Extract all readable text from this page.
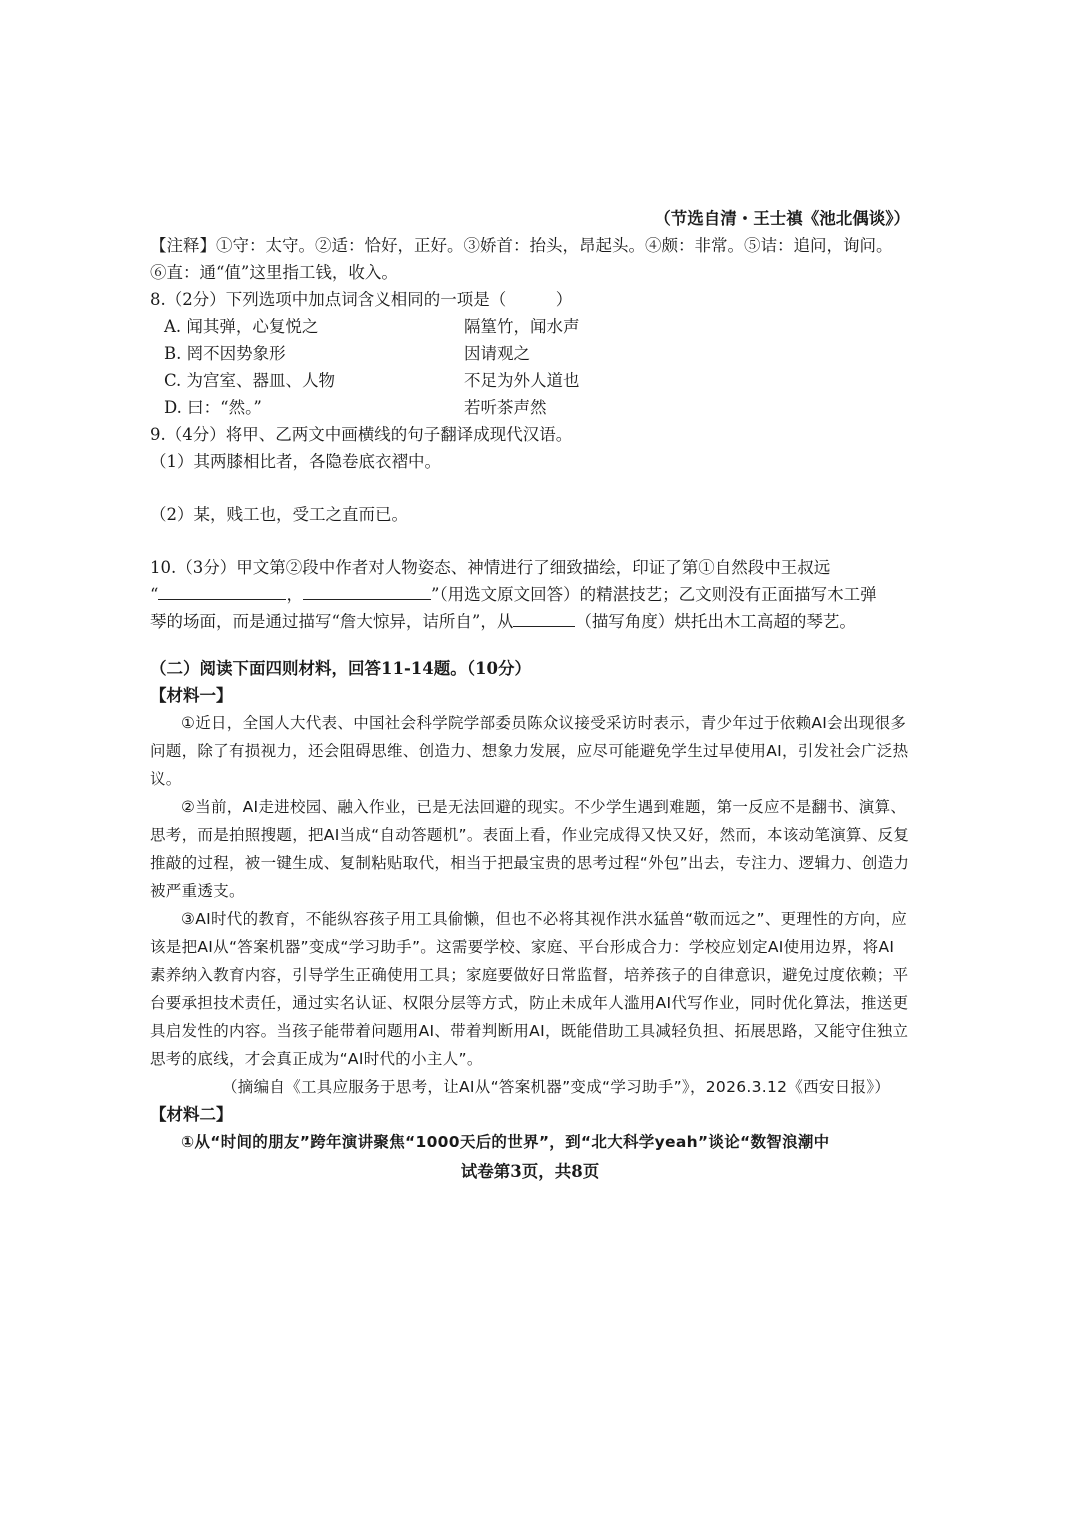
（节选自清・王士禛《池北偶谈》）
【注释】①守：太守。②适：恰好，正好。③娇首：抬头，昂起头。④颇：非常。⑤诘：追问，询问。
⑥直：通“值”这里指工钱，收入。
8.（2分）下列选项中加点词含义相同的一项是（　　　）
A. 闻其弹，心复悦之	隔篁竹，闻水声
B. 罔不因势象形	因请观之
C. 为宫室、器皿、人物	不足为外人道也
D. 曰：“然。”	若听茶声然
9.（4分）将甲、乙两文中画横线的句子翻译成现代汉语。
（1）其两膝相比者，各隐卷底衣褶中。
（2）某，贱工也，受工之直而已。
10.（3分）甲文第②段中作者对人物姿态、神情进行了细致描绘，印证了第①自然段中王叔远
“	，	”（用选文原文回答）的精湛技艺；乙文则没有正面描写木工弹
琴的场面，而是通过描写“詹大惊异，诘所自”，从	（描写角度）烘托出木工高超的琴艺。
（二）阅读下面四则材料，回答11-14题。（10分）
【材料一】

①近日，全国人大代表、中国社会科学院学部委员陈众议接受采访时表示，青少年过于依赖AI会出现很多问题，除了有损视力，还会阻碍思维、创造力、想象力发展，应尽可能避免学生过早使用AI，引发社会广泛热议。

②当前，AI走进校园、融入作业，已是无法回避的现实。不少学生遇到难题，第一反应不是翻书、演算、思考，而是拍照搜题，把AI当成“自动答题机”。表面上看，作业完成得又快又好，然而，本该动笔演算、反复推敲的过程，被一键生成、复制粘贴取代，相当于把最宝贵的思考过程“外包”出去，专注力、逻辑力、创造力被严重透支。

③AI时代的教育，不能纵容孩子用工具偷懒，但也不必将其视作洪水猛兽“敬而远之”、更理性的方向，应该是把AI从“答案机器”变成“学习助手”。这需要学校、家庭、平台形成合力：学校应划定AI使用边界，将AI素养纳入教育内容，引导学生正确使用工具；家庭要做好日常监督，培养孩子的自律意识，避免过度依赖；平台要承担技术责任，通过实名认证、权限分层等方式，防止未成年人滥用AI代写作业，同时优化算法，推送更具启发性的内容。当孩子能带着问题用AI、带着判断用AI，既能借助工具减轻负担、拓展思路，又能守住独立思考的底线，才会真正成为“AI时代的小主人”。

（摘编自《工具应服务于思考，让AI从“答案机器”变成“学习助手”》，2026.3.12《西安日报》）

【材料二】

①从“时间的朋友”跨年演讲聚焦“1000天后的世界”，到“北大科学yeah”谈论“数智浪潮中

试卷第3页，共8页
